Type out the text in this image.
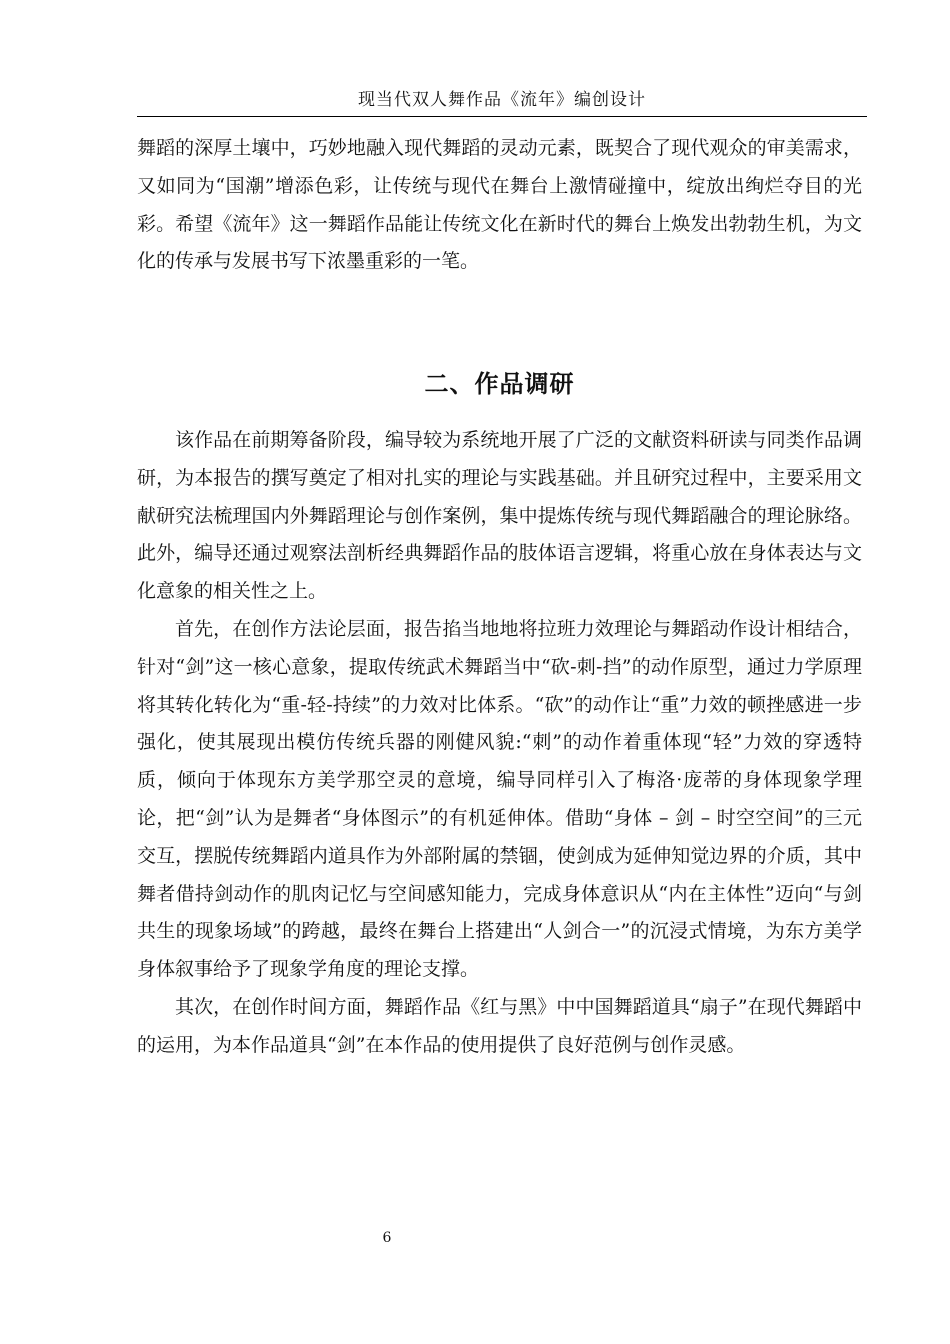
现当代双人舞作品《流年》编创设计

舞蹈的深厚土壤中，巧妙地融入现代舞蹈的灵动元素，既契合了现代观众的审美需求，又如同为“国潮”增添色彩，让传统与现代在舞台上激情碰撞中，绽放出绚烂夺目的光彩。希望《流年》这一舞蹈作品能让传统文化在新时代的舞台上焕发出勃勃生机，为文化的传承与发展书写下浓墨重彩的一笔。

二、作品调研

该作品在前期筹备阶段，编导较为系统地开展了广泛的文献资料研读与同类作品调研，为本报告的撰写奠定了相对扎实的理论与实践基础。并且研究过程中，主要采用文献研究法梳理国内外舞蹈理论与创作案例，集中提炼传统与现代舞蹈融合的理论脉络。此外，编导还通过观察法剖析经典舞蹈作品的肢体语言逻辑，将重心放在身体表达与文化意象的相关性之上。

首先，在创作方法论层面，报告掐当地地将拉班力效理论与舞蹈动作设计相结合，针对“剑”这一核心意象，提取传统武术舞蹈当中“砍-刺-挡”的动作原型，通过力学原理将其转化转化为“重-轻-持续”的力效对比体系。“砍”的动作让“重”力效的顿挫感进一步强化，使其展现出模仿传统兵器的刚健风貌:“刺”的动作着重体现“轻”力效的穿透特质，倾向于体现东方美学那空灵的意境，编导同样引入了梅洛·庞蒂的身体现象学理论，把“剑”认为是舞者“身体图示”的有机延伸体。借助“身体 – 剑 – 时空空间”的三元交互，摆脱传统舞蹈内道具作为外部附属的禁锢，使剑成为延伸知觉边界的介质，其中舞者借持剑动作的肌肉记忆与空间感知能力，完成身体意识从“内在主体性”迈向“与剑共生的现象场域”的跨越，最终在舞台上搭建出“人剑合一”的沉浸式情境，为东方美学身体叙事给予了现象学角度的理论支撑。

其次，在创作时间方面，舞蹈作品《红与黑》中中国舞蹈道具“扇子”在现代舞蹈中的运用，为本作品道具“剑”在本作品的使用提供了良好范例与创作灵感。

6
